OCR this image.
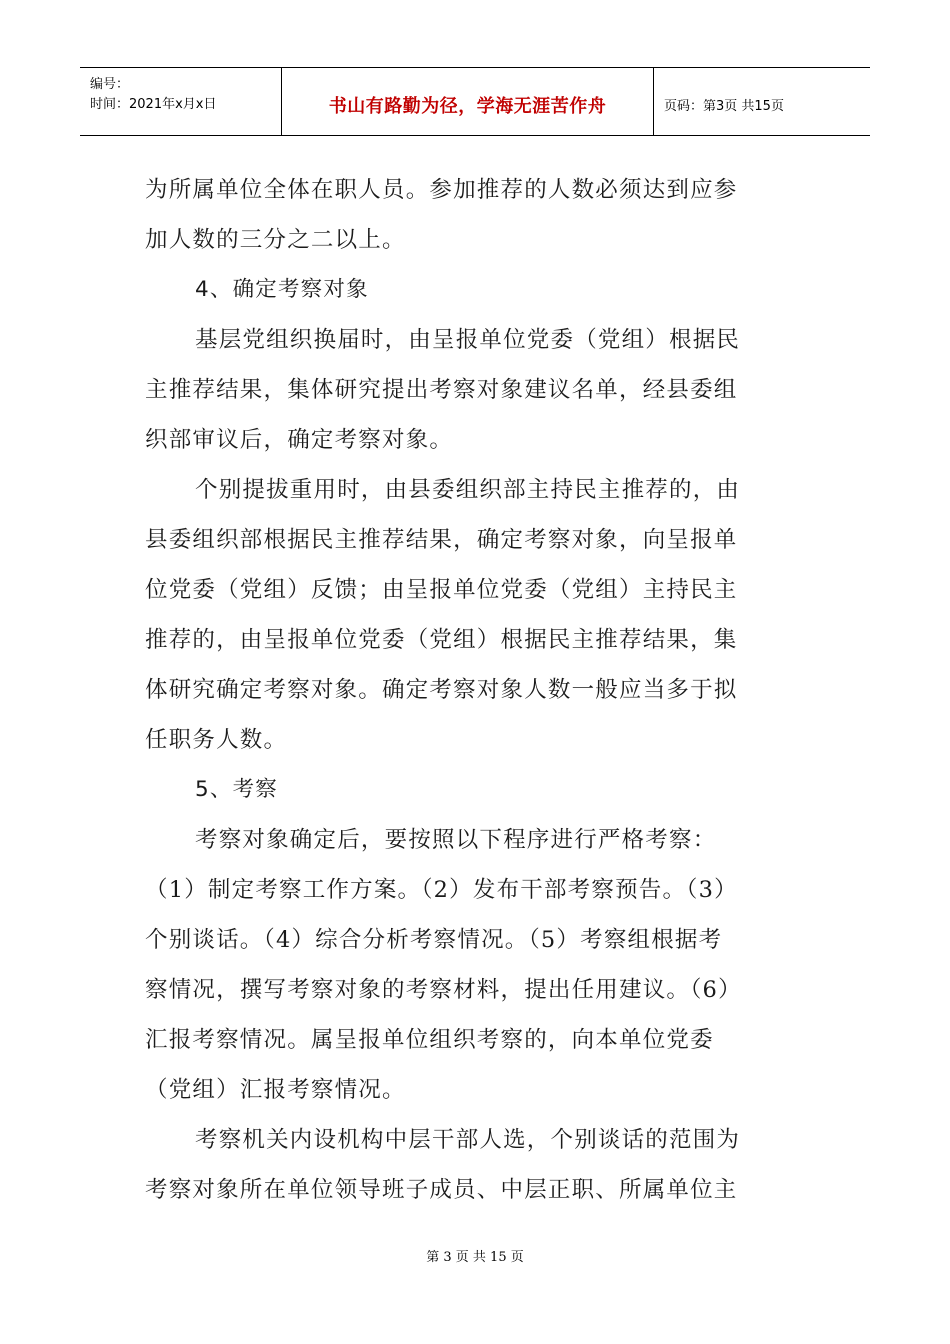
编号：
时间：2021年x月x日	书山有路勤为径，学海无涯苦作舟	页码：第3页 共15页
为所属单位全体在职人员。参加推荐的人数必须达到应参
加人数的三分之二以上。
4、确定考察对象
基层党组织换届时，由呈报单位党委（党组）根据民
主推荐结果，集体研究提出考察对象建议名单，经县委组
织部审议后，确定考察对象。
个别提拔重用时，由县委组织部主持民主推荐的，由
县委组织部根据民主推荐结果，确定考察对象，向呈报单
位党委（党组）反馈；由呈报单位党委（党组）主持民主
推荐的，由呈报单位党委（党组）根据民主推荐结果，集
体研究确定考察对象。确定考察对象人数一般应当多于拟
任职务人数。
5、考察
考察对象确定后，要按照以下程序进行严格考察：
（1）制定考察工作方案。（2）发布干部考察预告。（3）
个别谈话。（4）综合分析考察情况。（5）考察组根据考
察情况，撰写考察对象的考察材料，提出任用建议。（6）
汇报考察情况。属呈报单位组织考察的，向本单位党委
（党组）汇报考察情况。
考察机关内设机构中层干部人选，个别谈话的范围为
考察对象所在单位领导班子成员、中层正职、所属单位主
第 3 页 共 15 页
